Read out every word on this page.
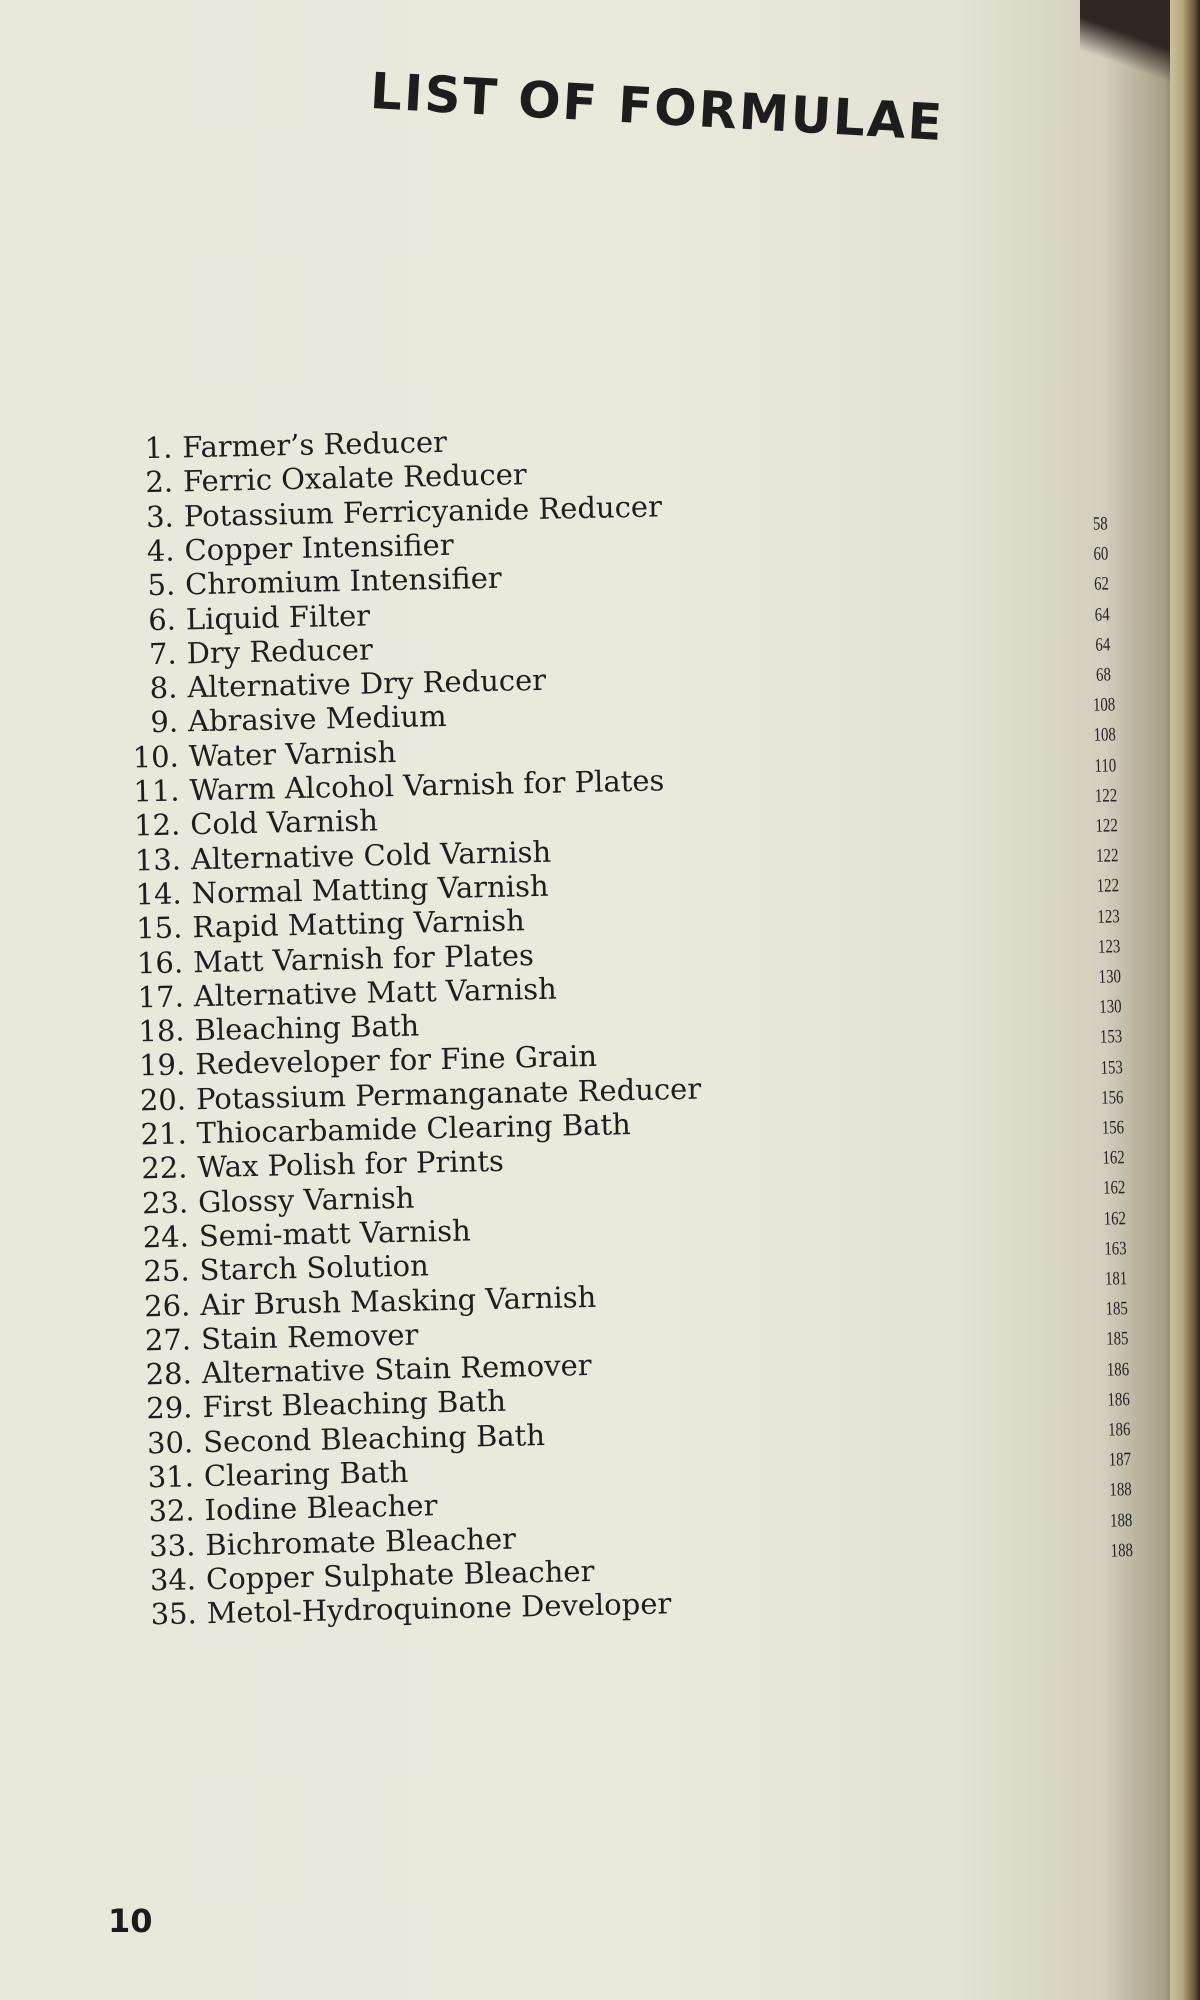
LIST OF FORMULAE
1. Farmer’s Reducer
2. Ferric Oxalate Reducer
3. Potassium Ferricyanide Reducer
4. Copper Intensifier
5. Chromium Intensifier
6. Liquid Filter
7. Dry Reducer
8. Alternative Dry Reducer
9. Abrasive Medium
10. Water Varnish
11. Warm Alcohol Varnish for Plates
12. Cold Varnish
13. Alternative Cold Varnish
14. Normal Matting Varnish
15. Rapid Matting Varnish
16. Matt Varnish for Plates
17. Alternative Matt Varnish
18. Bleaching Bath
19. Redeveloper for Fine Grain
20. Potassium Permanganate Reducer
21. Thiocarbamide Clearing Bath
22. Wax Polish for Prints
23. Glossy Varnish
24. Semi-matt Varnish
25. Starch Solution
26. Air Brush Masking Varnish
27. Stain Remover
28. Alternative Stain Remover
29. First Bleaching Bath
30. Second Bleaching Bath
31. Clearing Bath
32. Iodine Bleacher
33. Bichromate Bleacher
34. Copper Sulphate Bleacher
35. Metol-Hydroquinone Developer
58
60
62
64
64
68
108
108
110
122
122
122
122
123
123
130
130
153
153
156
156
162
162
162
163
181
185
185
186
186
186
187
188
188
188
10
